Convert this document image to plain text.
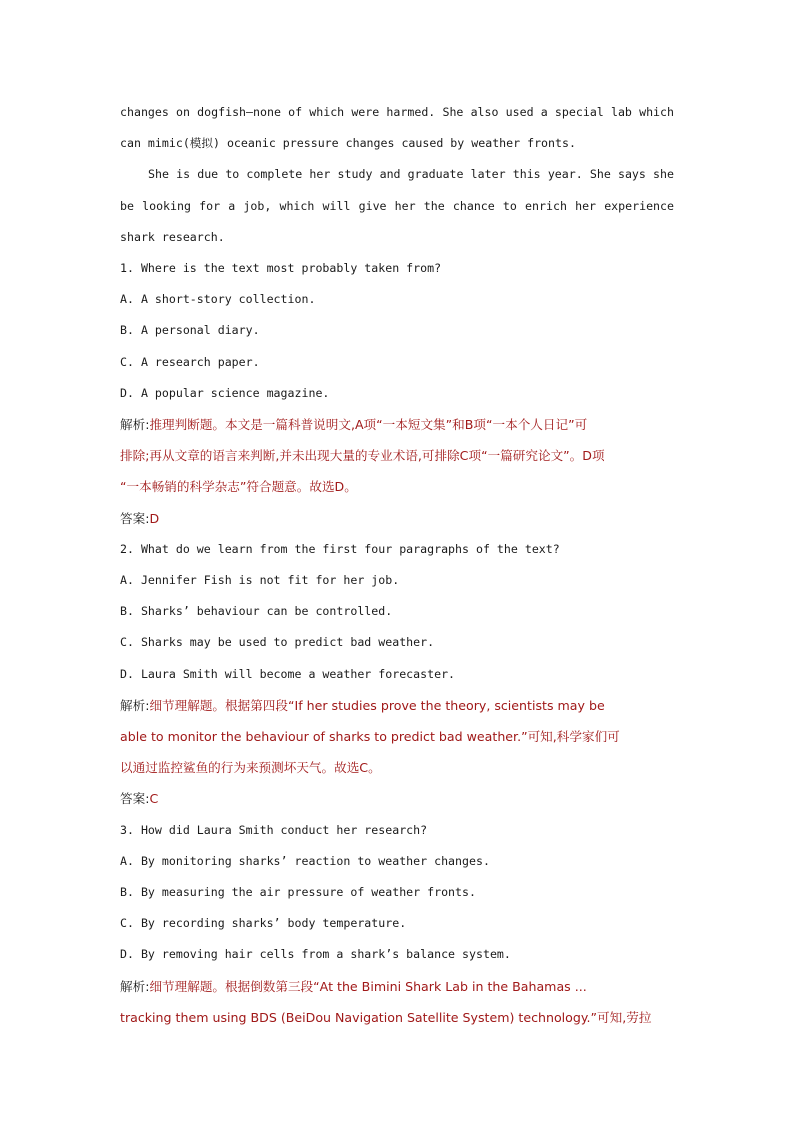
changes on dogfish—none of which were harmed. She also used a special lab which
can mimic(模拟) oceanic pressure changes caused by weather fronts.
She is due to complete her study and graduate later this year. She says she
be looking for a job, which will give her the chance to enrich her experience
shark research.
1. Where is the text most probably taken from?
A. A short-story collection.
B. A personal diary.
C. A research paper.
D. A popular science magazine.
解析:推理判断题。本文是一篇科普说明文,A项“一本短文集”和B项“一本个人日记”可
排除;再从文章的语言来判断,并未出现大量的专业术语,可排除C项“一篇研究论文”。D项
“一本畅销的科学杂志”符合题意。故选D。
答案:D
2. What do we learn from the first four paragraphs of the text?
A. Jennifer Fish is not fit for her job.
B. Sharks’ behaviour can be controlled.
C. Sharks may be used to predict bad weather.
D. Laura Smith will become a weather forecaster.
解析:细节理解题。根据第四段“If her studies prove the theory, scientists may be
able to monitor the behaviour of sharks to predict bad weather.”可知,科学家们可
以通过监控鲨鱼的行为来预测坏天气。故选C。
答案:C
3. How did Laura Smith conduct her research?
A. By monitoring sharks’ reaction to weather changes.
B. By measuring the air pressure of weather fronts.
C. By recording sharks’ body temperature.
D. By removing hair cells from a shark’s balance system.
解析:细节理解题。根据倒数第三段“At the Bimini Shark Lab in the Bahamas ...
tracking them using BDS (BeiDou Navigation Satellite System) technology.”可知,劳拉
